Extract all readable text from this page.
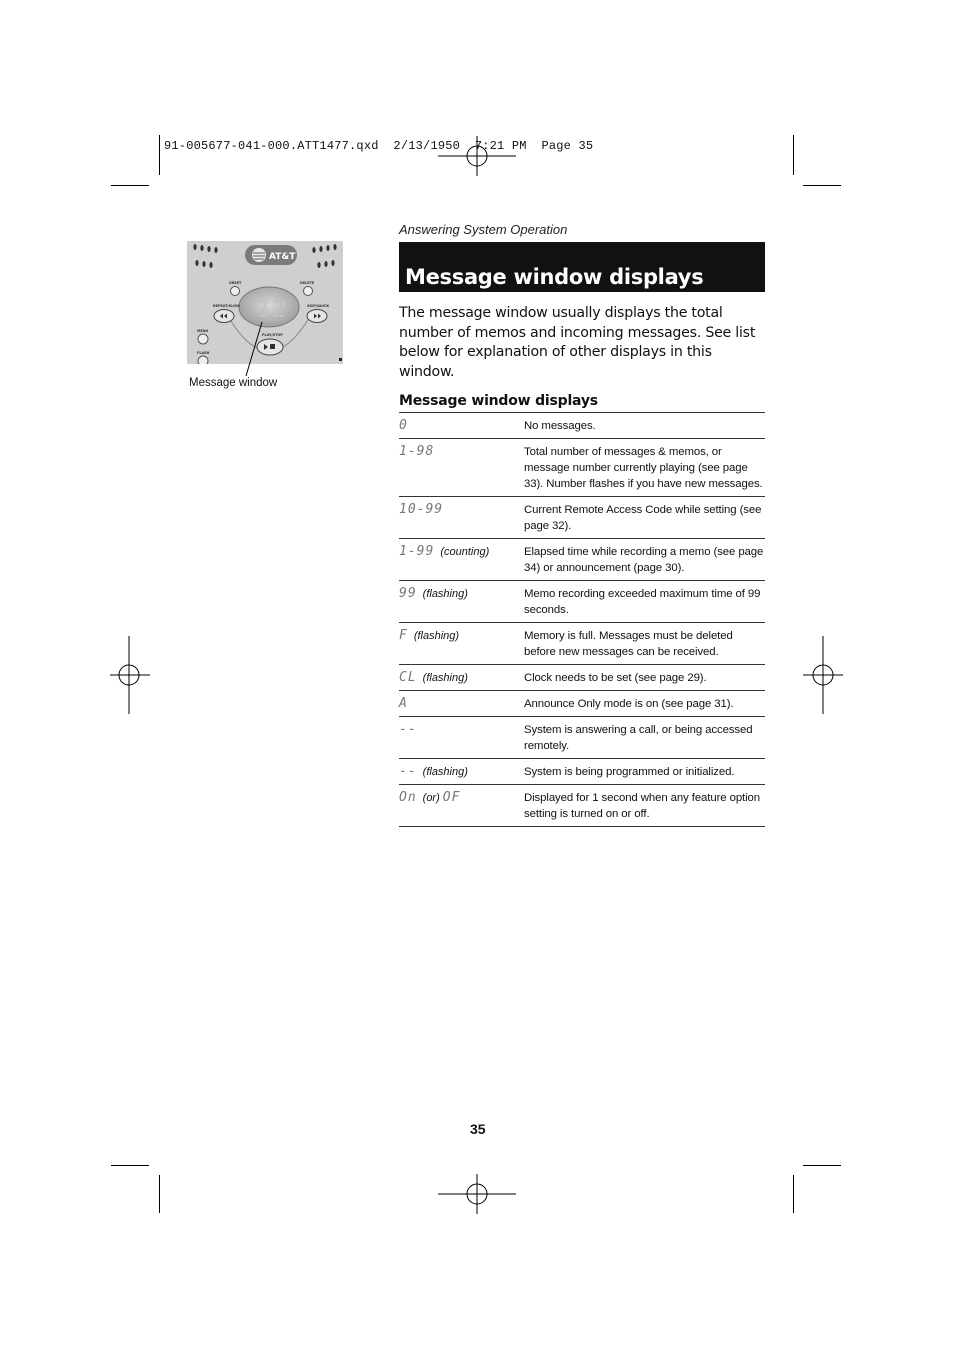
91-005677-041-000.ATT1477.qxd  2/13/1950  7:21 PM  Page 35
AT&T
12
GREET	DELETE
REPEAT/SLOW	SKIP/QUICK
PLAY/STOP
MENU
FLASH
Message window
Answering System Operation
Message window displays
The message window usually displays the total number of memos and incoming messages. See list below for explanation of other displays in this window.
Message window displays
0	No messages.
1-98	Total number of messages & memos, or message number currently playing (see page 33). Number flashes if you have new messages.
10-99	Current Remote Access Code while setting (see page 32).
1-99 (counting)	Elapsed time while recording a memo (see page 34) or announcement (page 30).
99 (flashing)	Memo recording exceeded maximum time of 99 seconds.
F (flashing)	Memory is full. Messages must be deleted before new messages can be received.
CL (flashing)	Clock needs to be set (see page 29).
A	Announce Only mode is on (see page 31).
--	System is answering a call, or being accessed remotely.
-- (flashing)	System is being programmed or initialized.
On (or) OF	Displayed for 1 second when any feature option setting is turned on or off.
35
